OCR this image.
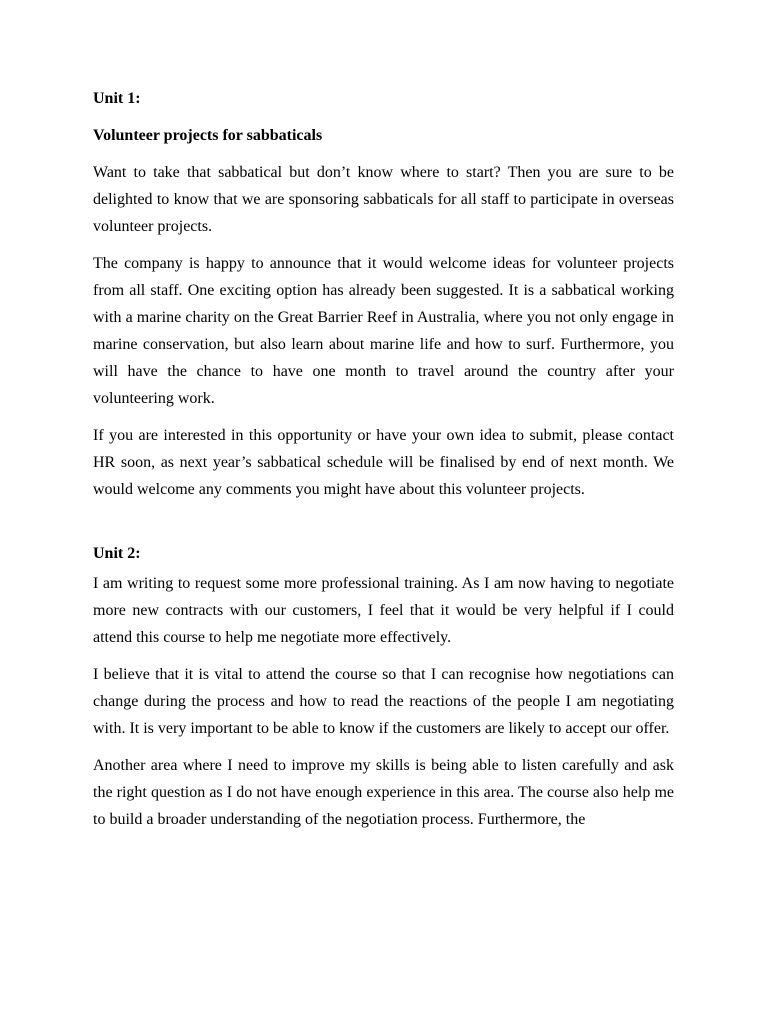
Unit 1:

Volunteer projects for sabbaticals

Want to take that sabbatical but don’t know where to start? Then you are sure to be delighted to know that we are sponsoring sabbaticals for all staff to participate in overseas volunteer projects.

The company is happy to announce that it would welcome ideas for volunteer projects from all staff. One exciting option has already been suggested. It is a sabbatical working with a marine charity on the Great Barrier Reef in Australia, where you not only engage in marine conservation, but also learn about marine life and how to surf. Furthermore, you will have the chance to have one month to travel around the country after your volunteering work.

If you are interested in this opportunity or have your own idea to submit, please contact HR soon, as next year’s sabbatical schedule will be finalised by end of next month. We would welcome any comments you might have about this volunteer projects.

Unit 2:

I am writing to request some more professional training. As I am now having to negotiate more new contracts with our customers, I feel that it would be very helpful if I could attend this course to help me negotiate more effectively.

I believe that it is vital to attend the course so that I can recognise how negotiations can change during the process and how to read the reactions of the people I am negotiating with. It is very important to be able to know if the customers are likely to accept our offer.

Another area where I need to improve my skills is being able to listen carefully and ask the right question as I do not have enough experience in this area. The course also help me to build a broader understanding of the negotiation process. Furthermore, the
